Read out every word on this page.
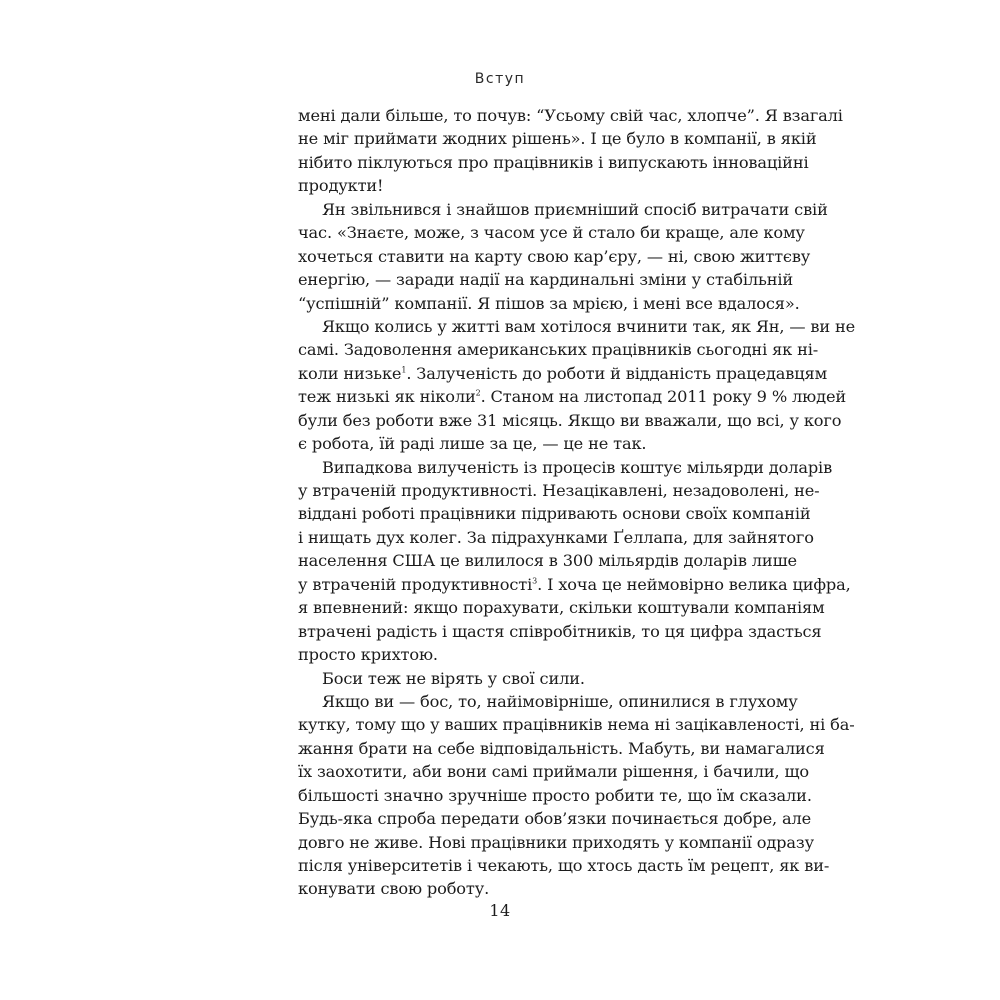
Вступ
мені дали більше, то почув: “Усьому свій час, хлопче”. Я взагалі
не міг приймати жодних рішень». І це було в компанії, в якій
нібито піклуються про працівників і випускають інноваційні
продукти!
Ян звільнився і знайшов приємніший спосіб витрачати свій
час. «Знаєте, може, з часом усе й стало би краще, але кому
хочеться ставити на карту свою кар’єру, — ні, свою життєву
енергію, — заради надії на кардинальні зміни у стабільній
“успішній” компанії. Я пішов за мрією, і мені все вдалося».
Якщо колись у житті вам хотілося вчинити так, як Ян, — ви не
самі. Задоволення американських працівників сьогодні як ні-
коли низьке$^1$. Залученість до роботи й відданість працедавцям
теж низькі як ніколи$^2$. Станом на листопад 2011 року 9 % людей
були без роботи вже 31 місяць. Якщо ви вважали, що всі, у кого
є робота, їй раді лише за це, — це не так.
Випадкова вилученість із процесів коштує мільярди доларів
у втраченій продуктивності. Незацікавлені, незадоволені, не-
віддані роботі працівники підривають основи своїх компаній
і нищать дух колег. За підрахунками Ґеллапа, для зайнятого
населення США це вилилося в 300 мільярдів доларів лише
у втраченій продуктивності$^3$. І хоча це неймовірно велика цифра,
я впевнений: якщо порахувати, скільки коштували компаніям
втрачені радість і щастя співробітників, то ця цифра здасться
просто крихтою.
Боси теж не вірять у свої сили.
Якщо ви — бос, то, найімовірніше, опинилися в глухому
кутку, тому що у ваших працівників нема ні зацікавленості, ні ба-
жання брати на себе відповідальність. Мабуть, ви намагалися
їх заохотити, аби вони самі приймали рішення, і бачили, що
більшості значно зручніше просто робити те, що їм сказали.
Будь-яка спроба передати обов’язки починається добре, але
довго не живе. Нові працівники приходять у компанії одразу
після університетів і чекають, що хтось дасть їм рецепт, як ви-
конувати свою роботу.
14
